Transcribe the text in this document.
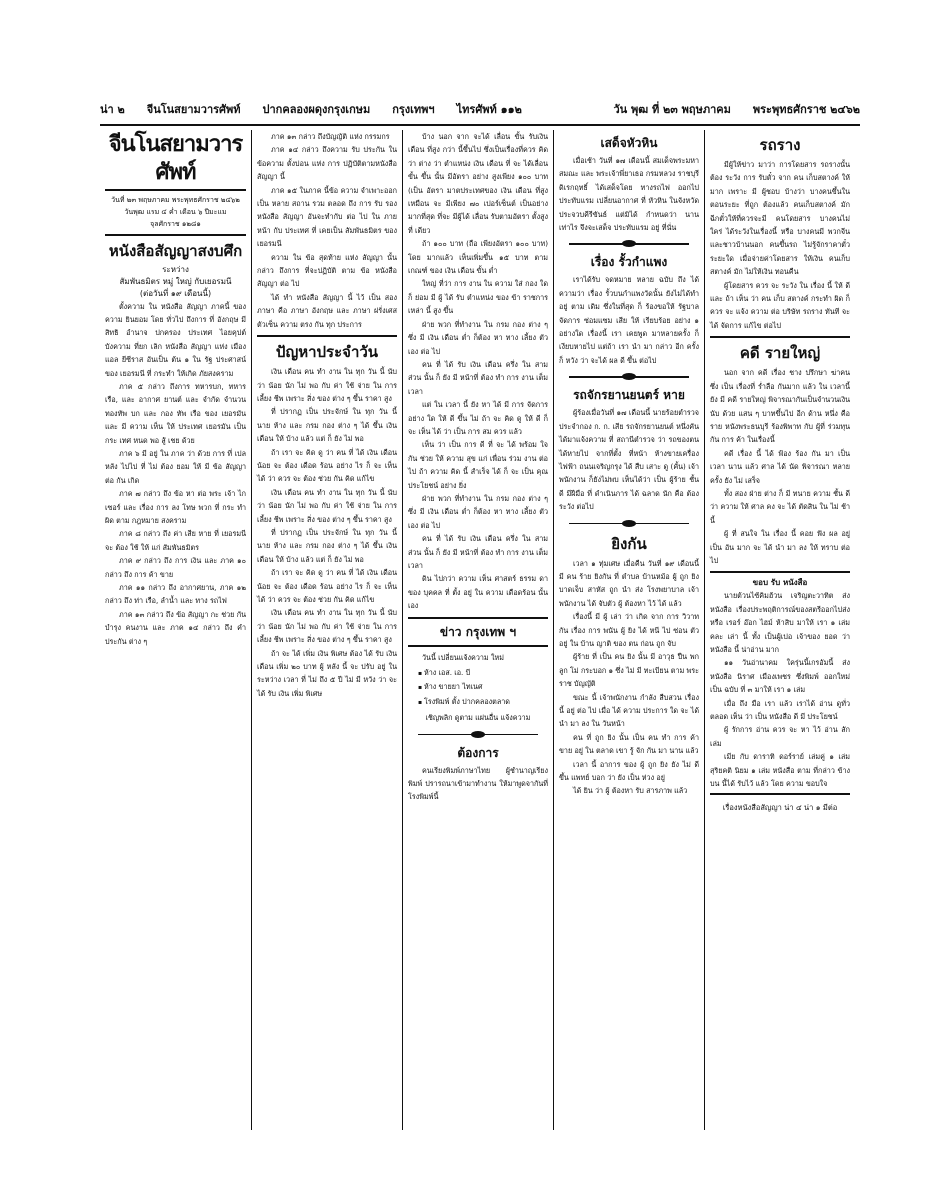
น่า ๒ จีนโนสยามวารศัพท์ ปากคลองผดุงกรุงเกษม กรุงเทพฯ ไทรศัพท์ ๑๑๒	วัน พุฒ ที่ ๒๓ พฤษภาคม พระพุทธศักราช ๒๔๖๒
จีนโนสยามวารศัพท์
วันที่ ๒๓ พฤษภาคม พระพุทธศักราช ๒๔๖๒
วันพุฒ แรม ๔ ค่ำ เดือน ๖ ปีมะแม
จุลศักราช ๑๒๘๑
หนังสือสัญญาสงบศึก
ระหว่าง
สัมพันธมิตร หมู่ ใหญ่ กับเยอรมนี
(ต่อวันที่ ๑๙ เดือนนี้)

ตั้งความ ใน หนังสือ สัญญา ภาคนี้ ของ ความ ยินยอม โดย ทั่วไป ถึงการ ที่ อังกฤษ มีสิทธิ อำนาจ ปกครอง ประเทศ ไอยคุปต์ บังความ ที่ยก เลิก หนังสือ สัญญา แห่ง เมือง แอล ยีซีราส อันเป็น ต้น ๑ ใน รัฐ ประศาสน์ ของ เยอรมนี ที่ กระทำ ให้เกิด ภัยสงคราม

ภาค ๕ กล่าว ถึงการ ทหารบก, ทหาร เรือ, และ อากาศ ยานต์ และ จำกัด จำนวน ทองทัพ บก และ กอง ทัพ เรือ ของ เยอรมัน และ มี ความ เห็น ให้ ประเทศ เยอรมัน เป็น กระ เทศ หนด พอ สู้ เชย ด้วย

ภาค ๖ มี อยู่ ใน ภาค ว่า ด้วย การ ที่ เปลหลัง ไปไป ที่ ไม่ ต้อง ยอม ให้ มี ข้อ สัญญา ต่อ กัน เกิด

ภาค ๗ กล่าว ถึง ข้อ หา ต่อ พระ เจ้า ไกเซอร์ และ เรื่อง การ ลง โทษ พวก ที่ กระ ทำ ผิด ตาม กฎหมาย สงคราม

ภาค ๘ กล่าว ถึง ค่า เสีย หาย ที่ เยอรมนี จะ ต้อง ใช้ ให้ แก่ สัมพันธมิตร

ภาค ๙ กล่าว ถึง การ เงิน และ ภาค ๑๐ กล่าว ถึง การ ค้า ขาย

ภาค ๑๑ กล่าว ถึง อากาศยาน, ภาค ๑๒ กล่าว ถึง ท่า เรือ, ลำน้ำ และ ทาง รถไฟ

ภาค ๑๓ กล่าว ถึง ข้อ สัญญา กะ ช่วย กัน บำรุง คนงาน และ ภาค ๑๔ กล่าว ถึง คำ ประกัน ต่าง ๆ

ภาค ๑๓ กล่าว ถึงบัญญัติ แห่ง กรรมกร

ภาค ๑๔ กล่าว ถึงความ รับ ประกัน ใน ข้อความ ตั้งบ่อน แห่ง การ ปฏิบัติตามหนังสือ สัญญา นี้

ภาค ๑๕ ในภาค นี้ข้อ ความ จำเพาะออก เป็น หลาย สถาน รวม ตลอด ถึง การ รับ รอง หนังสือ สัญญา อันจะทำกับ ต่อ ไป ใน ภาย หน้า กับ ประเทศ ที่ เคยเป็น สัมพันธมิตร ของ เยอรมนี

ความ ใน ข้อ สุดท้าย แห่ง สัญญา นั้น กล่าว ถึงการ ที่จะปฏิบัติ ตาม ข้อ หนังสือ สัญญา ต่อ ไป

ได้ ทำ หนังสือ สัญญา นี้ ไว้ เป็น สอง ภาษา คือ ภาษา อังกฤษ และ ภาษา ฝรั่งเศส ตัวเซ็น ความ ตรง กัน ทุก ประการ

ปัญหาประจำวัน

เงิน เดือน คน ทำ งาน ใน ทุก วัน นี้ นับ ว่า น้อย นัก ไม่ พอ กับ ค่า ใช้ จ่าย ใน การ เลี้ยง ชีพ เพราะ สิ่ง ของ ต่าง ๆ ขึ้น ราคา สูง

ที่ ปรากฏ เป็น ประจักษ์ ใน ทุก วัน นี้ นาย ห้าง และ กรม กอง ต่าง ๆ ได้ ขึ้น เงิน เดือน ให้ บ้าง แล้ว แต่ ก็ ยัง ไม่ พอ

ถ้า เรา จะ คิด ดู ว่า คน ที่ ได้ เงิน เดือน น้อย จะ ต้อง เดือด ร้อน อย่าง ไร ก็ จะ เห็น ได้ ว่า ควร จะ ต้อง ช่วย กัน คิด แก้ไข

เงิน เดือน คน ทำ งาน ใน ทุก วัน นี้ นับ ว่า น้อย นัก ไม่ พอ กับ ค่า ใช้ จ่าย ใน การ เลี้ยง ชีพ เพราะ สิ่ง ของ ต่าง ๆ ขึ้น ราคา สูง

ที่ ปรากฏ เป็น ประจักษ์ ใน ทุก วัน นี้ นาย ห้าง และ กรม กอง ต่าง ๆ ได้ ขึ้น เงิน เดือน ให้ บ้าง แล้ว แต่ ก็ ยัง ไม่ พอ

ถ้า เรา จะ คิด ดู ว่า คน ที่ ได้ เงิน เดือน น้อย จะ ต้อง เดือด ร้อน อย่าง ไร ก็ จะ เห็น ได้ ว่า ควร จะ ต้อง ช่วย กัน คิด แก้ไข

เงิน เดือน คน ทำ งาน ใน ทุก วัน นี้ นับ ว่า น้อย นัก ไม่ พอ กับ ค่า ใช้ จ่าย ใน การ เลี้ยง ชีพ เพราะ สิ่ง ของ ต่าง ๆ ขึ้น ราคา สูง

ถ้า จะ ได้ เพิ่ม เงิน พิเศษ ต้อง ได้ รับ เงิน เดือน เพิ่ม ๒๐ บาท ผู้ หลัง นี้ จะ ปรับ อยู่ ใน ระหว่าง เวลา ที่ ไม่ ถึง ๕ ปี ไม่ มี หวัง ว่า จะ ได้ รับ เงิน เพิ่ม พิเศษ

บ้าง นอก จาก จะได้ เลื่อน ขั้น รับเงิน เดือน ที่สูง กว่า นี้ขึ้นไป ซึ่งเป็นเรื่องที่ควร คิดว่า ต่าง ว่า ตำแหน่ง เงิน เดือน ที่ จะ ได้เลื่อน ขั้น ขึ้น นั้น มีอัตรา อย่าง สูงเพียง ๑๐๐ บาท (เป็น อัตรา มาตประเทศของ เงิน เดือน ที่สูงเหมือน จะ มีเพียง ๗๐ เปอร์เซ็นต์ เป็นอย่าง มากที่สุด ที่จะ มีผู้ได้ เลื่อน รับตามอัตรา ตั้งสูง ที่ เดียว

ถ้า ๑๐๐ บาท (ถือ เพียงอัตรา ๑๐๐ บาท) โดย มากแล้ว เห็นเพิ่มขึ้น ๑๕ บาท ตาม เกณฑ์ ของ เงิน เดือน ขั้น ต่ำ

ใหญ่ ที่ว่า การ งาน ใน ความ ใส่ กอง ใด ก็ ย่อม มี ผู้ ได้ รับ ตำแหน่ง ของ ข้า ราชการ เหล่า นี้ สูง ขึ้น

ฝ่าย พวก ที่ทำงาน ใน กรม กอง ต่าง ๆ ซึ่ง มี เงิน เดือน ต่ำ ก็ต้อง หา ทาง เลี้ยง ตัว เอง ต่อ ไป

คน ที่ ได้ รับ เงิน เดือน ครึ่ง ใน สาม ส่วน นั้น ก็ ยัง มี หน้าที่ ต้อง ทำ การ งาน เต็ม เวลา

แต่ ใน เวลา นี้ ยัง หา ได้ มี การ จัดการ อย่าง ใด ให้ ดี ขึ้น ไม่ ถ้า จะ คิด ดู ให้ ดี ก็ จะ เห็น ได้ ว่า เป็น การ สม ควร แล้ว

เห็น ว่า เป็น การ ดี ที่ จะ ได้ พร้อม ใจ กัน ช่วย ให้ ความ สุข แก่ เพื่อน ร่วม งาน ต่อไป ถ้า ความ คิด นี้ สำเร็จ ได้ ก็ จะ เป็น คุณ ประโยชน์ อย่าง ยิ่ง

ฝ่าย พวก ที่ทำงาน ใน กรม กอง ต่าง ๆ ซึ่ง มี เงิน เดือน ต่ำ ก็ต้อง หา ทาง เลี้ยง ตัว เอง ต่อ ไป

คน ที่ ได้ รับ เงิน เดือน ครึ่ง ใน สาม ส่วน นั้น ก็ ยัง มี หน้าที่ ต้อง ทำ การ งาน เต็ม เวลา

ดิน ไปกว่า ความ เห็น ศาสตร์ ธรรม ดา ของ บุคคล ที่ ตั้ง อยู่ ใน ความ เดือดร้อน นั้น เอง

ข่าว กรุงเทพ ฯ

วันนี้ เปลี่ยนแจ้งความ ใหม่

▪ ห้าง เอส. เอ. บี
▪ ห้าง ขายยา ไทเนศ
▪ โรงพิมพ์ ตั้ง ปากคลองตลาด

เชิญพลิก ดูตาม แผ่นอื่น แจ้งความ

ต้องการ

คนเรียงพิมพ์ภาษาไทย ผู้ชำนาญเรียงพิมพ์ ปรารถนาเข้ามาทำงาน ให้มาพูดจากันที่โรงพิมพ์นี้

เสด็จหัวหิน

เมื่อเช้า วันที่ ๑๗ เดือนนี้ สมเด็จพระมหาสมณะ และ พระเจ้าพี่ยาเธอ กรมหลวง ราชบุรีดิเรกฤทธิ์ ได้เสด็จโดย ทางรถไฟ ออกไป ประทับแรม เปลี่ยนอากาศ ที่ หัวหิน ในจังหวัด ประจวบคีรีขันธ์ แต่มิได้ กำหนดว่า นานเท่าไร จึงจะเสด็จ ประทับแรม อยู่ ที่นั่น

เรื่อง รั้วกำแพง

เราได้รับ จดหมาย หลาย ฉบับ ถึง ได้ความว่า เรื่อง รั้วบนกำแพงวัดนั้น ยังไม่ได้ทำ อยู่ ตาม เดิม ซึ่งในที่สุด ก็ ร้องขอให้ รัฐบาล จัดการ ซ่อมแซม เสีย ให้ เรียบร้อย อย่าง ๑ อย่างใด เรื่องนี้ เรา เคยพูด มาหลายครั้ง ก็เงียบหายไป แต่ถ้า เรา นำ มา กล่าว อีก ครั้ง ก็ หวัง ว่า จะได้ ผล ดี ขึ้น ต่อไป

รถจักรยานยนตร์ หาย

ผู้ร้องเมื่อวันที่ ๑๗ เดือนนี้ นายร้อยตำรวจ ประจำกอง ก. ก. เสีย รถจักรยานยนต์ หนึ่งคัน ได้มาแจ้งความ ที่ สถานีตำรวจ ว่า รถของตน ได้หายไป จากที่ตั้ง ที่หน้า ห้างขายเครื่องไฟฟ้า ถนนเจริญกรุง ได้ สืบ เสาะ ดู (คั้น) เจ้าพนักงาน ก็ยังไม่พบ เห็นได้ว่า เป็น ผู้ร้าย ชั้น ดี มีฝีมือ ที่ ดำเนินการ ได้ ฉลาด นัก คือ ต้อง ระวัง ต่อไป

ยิงกัน

เวลา ๑ ทุ่มเศษ เมื่อคืน วันที่ ๑๙ เดือนนี้ มี คน ร้าย ยิงกัน ที่ ตำบล บ้านหม้อ ผู้ ถูก ยิง บาดเจ็บ สาหัส ถูก นำ ส่ง โรงพยาบาล เจ้าพนักงาน ได้ จับตัว ผู้ ต้องหา ไว้ ได้ แล้ว

เรื่องนี้ มี ผู้ เล่า ว่า เกิด จาก การ วิวาท กัน เรื่อง การ พนัน ผู้ ยิง ได้ หนี ไป ซ่อน ตัว อยู่ ใน บ้าน ญาติ ของ ตน ก่อน ถูก จับ

ผู้ร้าย ที่ เป็น คน ยิง นั้น มี อาวุธ ปืน พก ลูก โม่ กระบอก ๑ ซึ่ง ไม่ มี ทะเบียน ตาม พระ ราช บัญญัติ

ขณะ นี้ เจ้าพนักงาน กำลัง สืบสวน เรื่อง นี้ อยู่ ต่อ ไป เมื่อ ได้ ความ ประการ ใด จะ ได้ นำ มา ลง ใน วันหน้า

คน ที่ ถูก ยิง นั้น เป็น คน ทำ การ ค้า ขาย อยู่ ใน ตลาด เขา รู้ จัก กัน มา นาน แล้ว

เวลา นี้ อาการ ของ ผู้ ถูก ยิง ยัง ไม่ ดี ขึ้น แพทย์ บอก ว่า ยัง เป็น ห่วง อยู่

ได้ ยิน ว่า ผู้ ต้องหา รับ สารภาพ แล้ว

รถราง

มีผู้ให้ข่าว มาว่า การโดยสาร รถรางนั้น ต้อง ระวัง การ รับตั๋ว จาก คน เก็บสตางค์ ให้มาก เพราะ มี ผู้ชอบ บ้างว่า บางคนขึ้นใน ตอนระยะ ที่ถูก ต้องแล้ว คนเก็บสตางค์ มัก ฉีกตั๋วให้ที่ควรจะมี คนโดยสาร บางคนไม่ ใคร่ ได้ระวังในเรื่องนี้ หรือ บางคนมี พวกจีน และชาวบ้านนอก คนขึ้นรถ ไม่รู้จักราคาตั๋ว ระยะใด เมื่อจ่ายค่าโดยสาร ให้เงิน คนเก็บสตางค์ มัก ไม่ให้เงิน ทอนคืน

ผู้โดยสาร ควร จะ ระวัง ใน เรื่อง นี้ ให้ ดี และ ถ้า เห็น ว่า คน เก็บ สตางค์ กระทำ ผิด ก็ ควร จะ แจ้ง ความ ต่อ บริษัท รถราง ทันที จะ ได้ จัดการ แก้ไข ต่อไป

คดี รายใหญ่

นอก จาก คดี เรื่อง ชาง ปรึกษา ฆ่าคน ซึ่ง เป็น เรื่องที่ ร่ำลือ กันมาก แล้ว ใน เวลานี้ ยัง มี คดี รายใหญ่ พิจารณากันเป็นจำนวนเงิน นับ ด้วย แสน ๆ บาทขึ้นไป อีก ด้าน หนึ่ง คือ ราย หนังพระธนบุรี ร้องพิพาท กับ ผู้ที่ ร่วมทุนกัน การ ค้า ในเรื่องนี้

คดี เรื่อง นี้ ได้ ฟ้อง ร้อง กัน มา เป็น เวลา นาน แล้ว ศาล ได้ นัด พิจารณา หลาย ครั้ง ยัง ไม่ เสร็จ

ทั้ง สอง ฝ่าย ต่าง ก็ มี ทนาย ความ ชั้น ดี ว่า ความ ให้ ศาล คง จะ ได้ ตัดสิน ใน ไม่ ช้า นี้

ผู้ ที่ สนใจ ใน เรื่อง นี้ คอย ฟัง ผล อยู่ เป็น อัน มาก จะ ได้ นำ มา ลง ให้ ทราบ ต่อ ไป

ขอบ รับ หนังสือ

นายต้วนไซ้คิมฮ้วน เจริญตะวาทิต ส่งหนังสือ เรื่องประพฤติการณ์ของสตรีออกไปส่ง หรือ เรอร์ อ๊อก ไฮม์ ห้าสิบ มาให้ เรา ๑ เล่ม คละ เล่า นี้ ทั้ง เป็นผู้เปอ เจ้าของ ยอด ว่า หนังสือ นี้ น่าอ่าน มาก

๑๑ วันอ่านาคม ใครุ่นนี้เกรอัมนี้ ส่งหนังสือ นิราศ เมืองเพชร ซึ่งพิมพ์ ออกใหม่ เป็น ฉบับ ที่ ๓ มาให้ เรา ๑ เล่ม

เมื่อ ถึง มือ เรา แล้ว เราได้ อ่าน ดูทั่ว ตลอด เห็น ว่า เป็น หนังสือ ดี มี ประโยชน์

ผู้ รักการ อ่าน ควร จะ หา ไว้ อ่าน สัก เล่ม

เมีย กับ ดาราทิ ดอร์ราย์ เล่มคู่ ๑ เล่ม สุริยคติ นิยม ๑ เล่ม หนังสือ ตาม ที่กล่าว ข้างบน นี้ได้ รับไว้ แล้ว โดย ความ ขอบใจ

เรื่องหนังสือสัญญา น่า ๔ น่า ๑ มีต่อ
